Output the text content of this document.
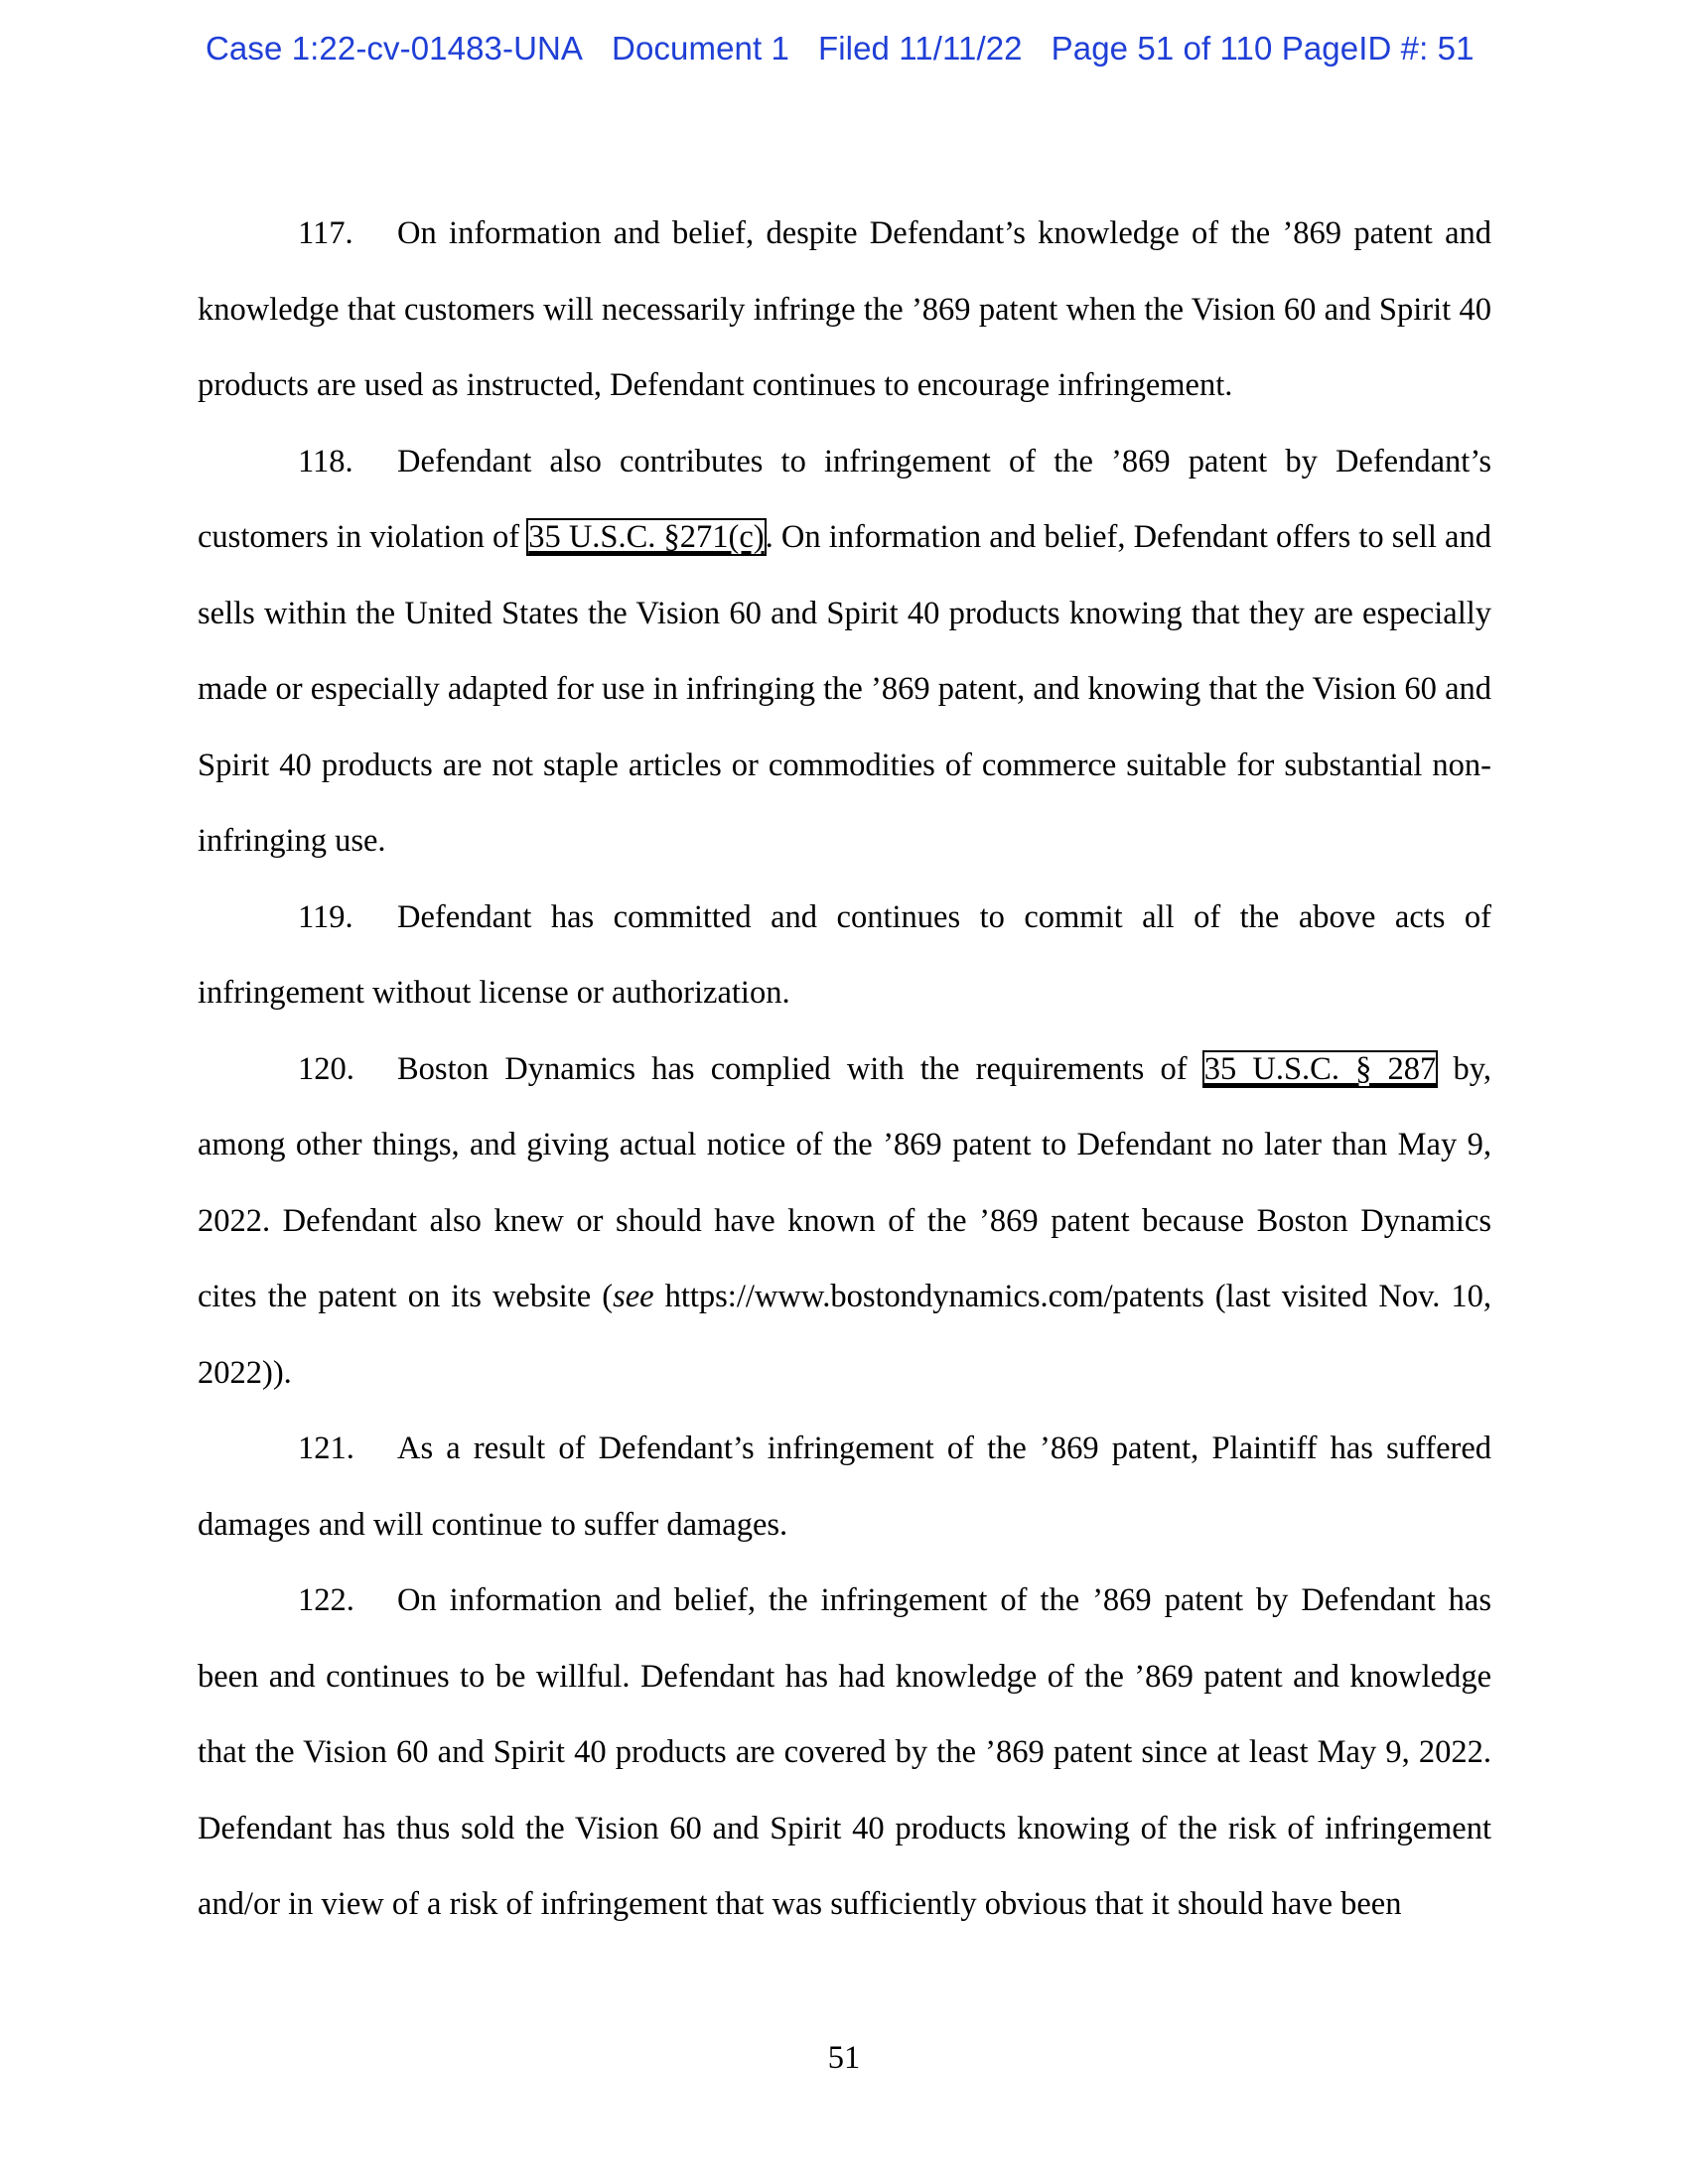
Case 1:22-cv-01483-UNA Document 1 Filed 11/11/22 Page 51 of 110 PageID #: 51

117. On information and belief, despite Defendant’s knowledge of the ’869 patent and knowledge that customers will necessarily infringe the ’869 patent when the Vision 60 and Spirit 40 products are used as instructed, Defendant continues to encourage infringement.

118. Defendant also contributes to infringement of the ’869 patent by Defendant’s customers in violation of 35 U.S.C. §271(c). On information and belief, Defendant offers to sell and sells within the United States the Vision 60 and Spirit 40 products knowing that they are especially made or especially adapted for use in infringing the ’869 patent, and knowing that the Vision 60 and Spirit 40 products are not staple articles or commodities of commerce suitable for substantial non-infringing use.

119. Defendant has committed and continues to commit all of the above acts of infringement without license or authorization.

120. Boston Dynamics has complied with the requirements of 35 U.S.C. § 287 by, among other things, and giving actual notice of the ’869 patent to Defendant no later than May 9, 2022. Defendant also knew or should have known of the ’869 patent because Boston Dynamics cites the patent on its website (see https://www.bostondynamics.com/patents (last visited Nov. 10, 2022)).

121. As a result of Defendant’s infringement of the ’869 patent, Plaintiff has suffered damages and will continue to suffer damages.

122. On information and belief, the infringement of the ’869 patent by Defendant has been and continues to be willful. Defendant has had knowledge of the ’869 patent and knowledge that the Vision 60 and Spirit 40 products are covered by the ’869 patent since at least May 9, 2022. Defendant has thus sold the Vision 60 and Spirit 40 products knowing of the risk of infringement and/or in view of a risk of infringement that was sufficiently obvious that it should have been

51
